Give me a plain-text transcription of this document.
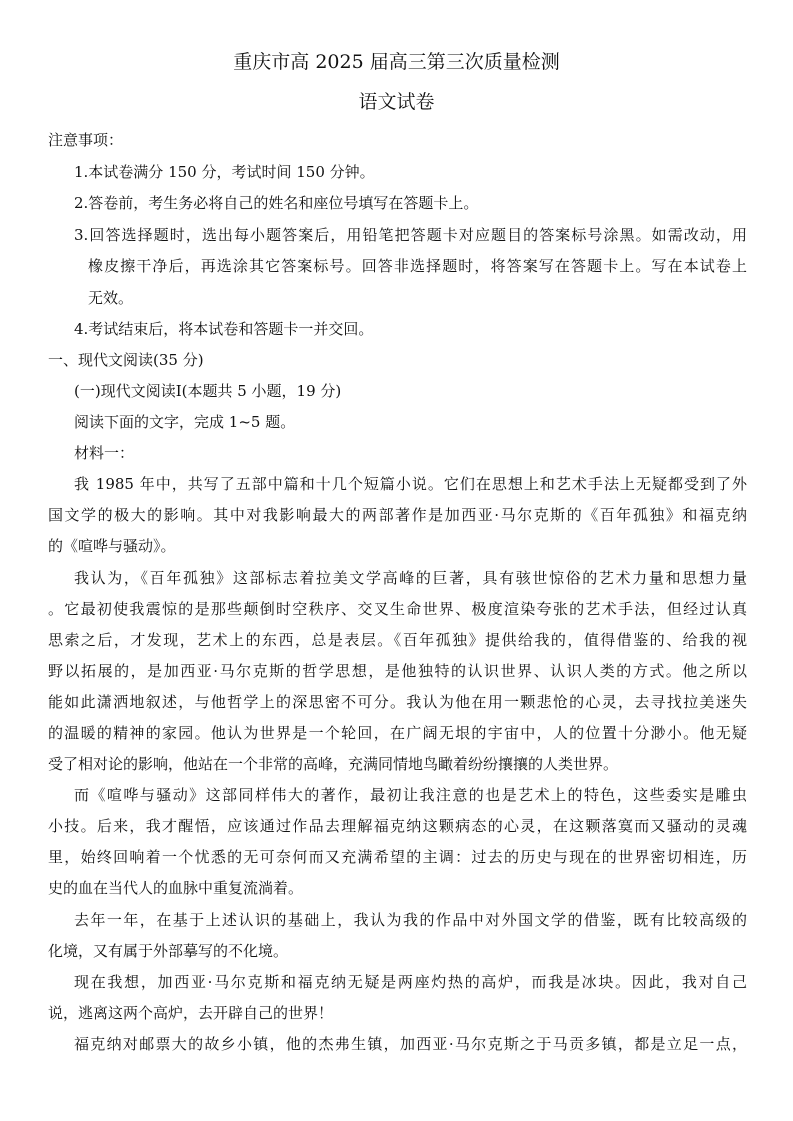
重庆市高 2025 届高三第三次质量检测
语文试卷
注意事项：
1.本试卷满分 150 分，考试时间 150 分钟。
2.答卷前，考生务必将自己的姓名和座位号填写在答题卡上。
3.回答选择题时，选出每小题答案后，用铅笔把答题卡对应题目的答案标号涂黑。如需改动，用
橡皮擦干净后，再选涂其它答案标号。回答非选择题时，将答案写在答题卡上。写在本试卷上
无效。
4.考试结束后，将本试卷和答题卡一并交回。
一、现代文阅读(35 分)
(一)现代文阅读Ⅰ(本题共 5 小题，19 分)
阅读下面的文字，完成 1~5 题。
材料一：
我 1985 年中，共写了五部中篇和十几个短篇小说。它们在思想上和艺术手法上无疑都受到了外
国文学的极大的影响。其中对我影响最大的两部著作是加西亚·马尔克斯的《百年孤独》和福克纳
的《喧哗与骚动》。
我认为，《百年孤独》这部标志着拉美文学高峰的巨著，具有骇世惊俗的艺术力量和思想力量
。它最初使我震惊的是那些颠倒时空秩序、交叉生命世界、极度渲染夸张的艺术手法，但经过认真
思索之后，才发现，艺术上的东西，总是表层。《百年孤独》提供给我的，值得借鉴的、给我的视
野以拓展的，是加西亚·马尔克斯的哲学思想，是他独特的认识世界、认识人类的方式。他之所以
能如此潇洒地叙述，与他哲学上的深思密不可分。我认为他在用一颗悲怆的心灵，去寻找拉美迷失
的温暖的精神的家园。他认为世界是一个轮回，在广阔无垠的宇宙中，人的位置十分渺小。他无疑
受了相对论的影响，他站在一个非常的高峰，充满同情地鸟瞰着纷纷攘攘的人类世界。
而《喧哗与骚动》这部同样伟大的著作，最初让我注意的也是艺术上的特色，这些委实是雕虫
小技。后来，我才醒悟，应该通过作品去理解福克纳这颗病态的心灵，在这颗落寞而又骚动的灵魂
里，始终回响着一个忧悉的无可奈何而又充满希望的主调：过去的历史与现在的世界密切相连，历
史的血在当代人的血脉中重复流淌着。
去年一年，在基于上述认识的基础上，我认为我的作品中对外国文学的借鉴，既有比较高级的
化境，又有属于外部摹写的不化境。
现在我想，加西亚·马尔克斯和福克纳无疑是两座灼热的高炉，而我是冰块。因此，我对自己
说，逃离这两个高炉，去开辟自己的世界！
福克纳对邮票大的故乡小镇，他的杰弗生镇，加西亚·马尔克斯之于马贡多镇，都是立足一点，
